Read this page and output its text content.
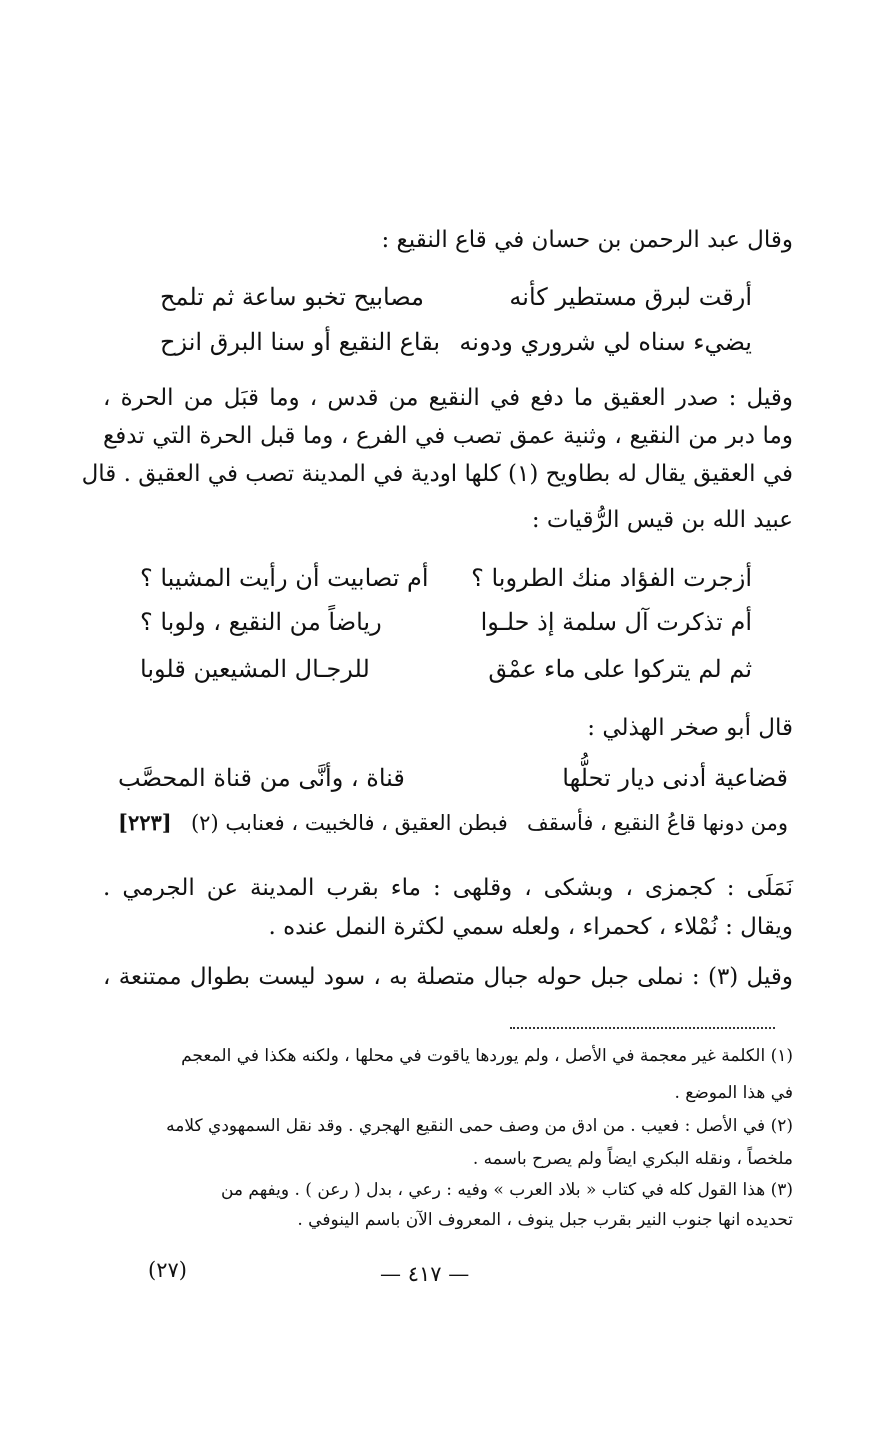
وقال عبد الرحمن بن حسان في قاع النقيع :
أرقت لبرق مستطير كأنه
مصابيح تخبو ساعة ثم تلمح
يضيء سناه لي شروري ودونه
بقاع النقيع أو سنا البرق انزح
وقيل : صدر العقيق ما دفع في النقيع من قدس ، وما قبَل من الحرة ،
وما دبر من النقيع ، وثنية عمق تصب في الفرع ، وما قبل الحرة التي تدفع
في العقيق يقال له بطاويح (١) كلها اودية في المدينة تصب في العقيق . قال
عبيد الله بن قيس الرُّقيات :
أزجرت الفؤاد منك الطروبا ؟
أم تصابيت أن رأيت المشيبا ؟
أم تذكرت آل سلمة إذ حلـوا
رياضاً من النقيع ، ولوبا ؟
ثم لم يتركوا على ماء عمْق
للرجـال المشيعين قلوبا
قال أبو صخر الهذلي :
قضاعية أدنى ديار تحلُّها
قناة ، وأنَّى من قناة المحصَّب
ومن دونها قاعُ النقيع ، فأسقف
فبطن العقيق ، فالخبيت ، فعنابب (٢)
[٢٢٣]
نَمَلَى : كجمزى ، وبشكى ، وقلهى : ماء بقرب المدينة عن الجرمي .
ويقال : نُمْلاء ، كحمراء ، ولعله سمي لكثرة النمل عنده .
وقيل (٣) : نملى جبل حوله جبال متصلة به ، سود ليست بطوال ممتنعة ،
(١) الكلمة غير معجمة في الأصل ، ولم يوردها ياقوت في محلها ، ولكنه هكذا في المعجم
في هذا الموضع .
(٢) في الأصل : فعيب . من ادق من وصف حمى النقيع الهجري . وقد نقل السمهودي كلامه
ملخصاً ، ونقله البكري ايضاً ولم يصرح باسمه .
(٣) هذا القول كله في كتاب « بلاد العرب » وفيه : رعي ، بدل ( رعن ) . ويفهم من
تحديده انها جنوب النير بقرب جبل ينوف ، المعروف الآن باسم الينوفي .
— ٤١٧ —
(٢٧)
